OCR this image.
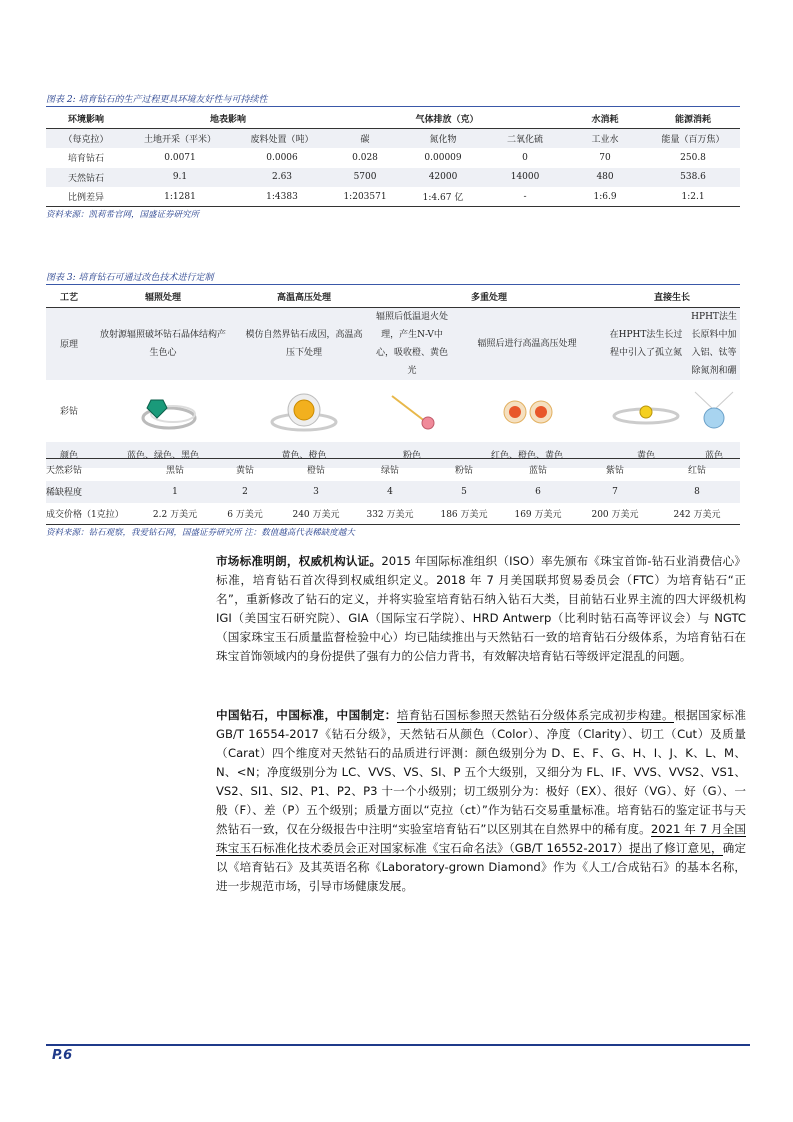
图表 2: 培育钻石的生产过程更具环境友好性与可持续性
环境影响	地表影响		气体排放（克）			水消耗	能源消耗
（每克拉）	土地开采（平米）	废料处置（吨）	碳	氮化物	二氧化硫	工业水	能量（百万焦）
培育钻石	0.0071	0.0006	0.028	0.00009	0	70	250.8
天然钻石	9.1	2.63	5700	42000	14000	480	538.6
比例差异	1:1281	1:4383	1:203571	1:4.67 亿	-	1:6.9	1:2.1
资料来源：凯莉希官网，国盛证券研究所
图表 3: 培育钻石可通过改色技术进行定制
工艺	辐照处理	高温高压处理	多重处理		直接生长	
原理	放射源辐照破坏钻石晶体结构产生色心	模仿自然界钻石成因，高温高压下处理	辐照后低温退火处理，产生N-V中心，吸收橙、黄色光	辐照后进行高温高压处理	在HPHT法生长过程中引入了孤立氮	HPHT法生长原料中加入铝、钛等除氮剂和硼
彩钻	

颜色	蓝色、绿色、黑色	黄色、橙色	粉色	红色、橙色、黄色	黄色	蓝色
天然彩钻	黑钻	黄钻	橙钻	绿钻	粉钻	蓝钻	紫钻	红钻
稀缺程度	1	2	3	4	5	6	7	8
成交价格（1克拉）	2.2 万美元	6 万美元	240 万美元	332 万美元	186 万美元	169 万美元	200 万美元	242 万美元
资料来源：钻石观察，我爱钻石网，国盛证券研究所 注：数值越高代表稀缺度越大
市场标准明朗，权威机构认证。2015 年国际标准组织（ISO）率先颁布《珠宝首饰-钻石业消费信心》标准，培育钻石首次得到权威组织定义。2018 年 7 月美国联邦贸易委员会（FTC）为培育钻石“正名”，重新修改了钻石的定义，并将实验室培育钻石纳入钻石大类，目前钻石业界主流的四大评级机构 IGI（美国宝石研究院）、GIA（国际宝石学院）、HRD Antwerp（比利时钻石高等评议会）与 NGTC（国家珠宝玉石质量监督检验中心）均已陆续推出与天然钻石一致的培育钻石分级体系，为培育钻石在珠宝首饰领域内的身份提供了强有力的公信力背书，有效解决培育钻石等级评定混乱的问题。
中国钻石，中国标准，中国制定：培育钻石国标参照天然钻石分级体系完成初步构建。根据国家标准 GB/T 16554-2017《钻石分级》，天然钻石从颜色（Color）、净度（Clarity）、切工（Cut）及质量（Carat）四个维度对天然钻石的品质进行评测：颜色级别分为 D、E、F、G、H、I、J、K、L、M、N、<N；净度级别分为 LC、VVS、VS、SI、P 五个大级别，又细分为 FL、IF、VVS、VVS2、VS1、VS2、SI1、SI2、P1、P2、P3 十一个小级别；切工级别分为：极好（EX）、很好（VG）、好（G）、一般（F）、差（P）五个级别；质量方面以“克拉（ct）”作为钻石交易重量标准。培育钻石的鉴定证书与天然钻石一致，仅在分级报告中注明“实验室培育钻石”以区别其在自然界中的稀有度。2021 年 7 月全国珠宝玉石标准化技术委员会正对国家标准《宝石命名法》（GB/T 16552-2017）提出了修订意见，确定以《培育钻石》及其英语名称《Laboratory-grown Diamond》作为《人工/合成钻石》的基本名称，进一步规范市场，引导市场健康发展。
P.6
